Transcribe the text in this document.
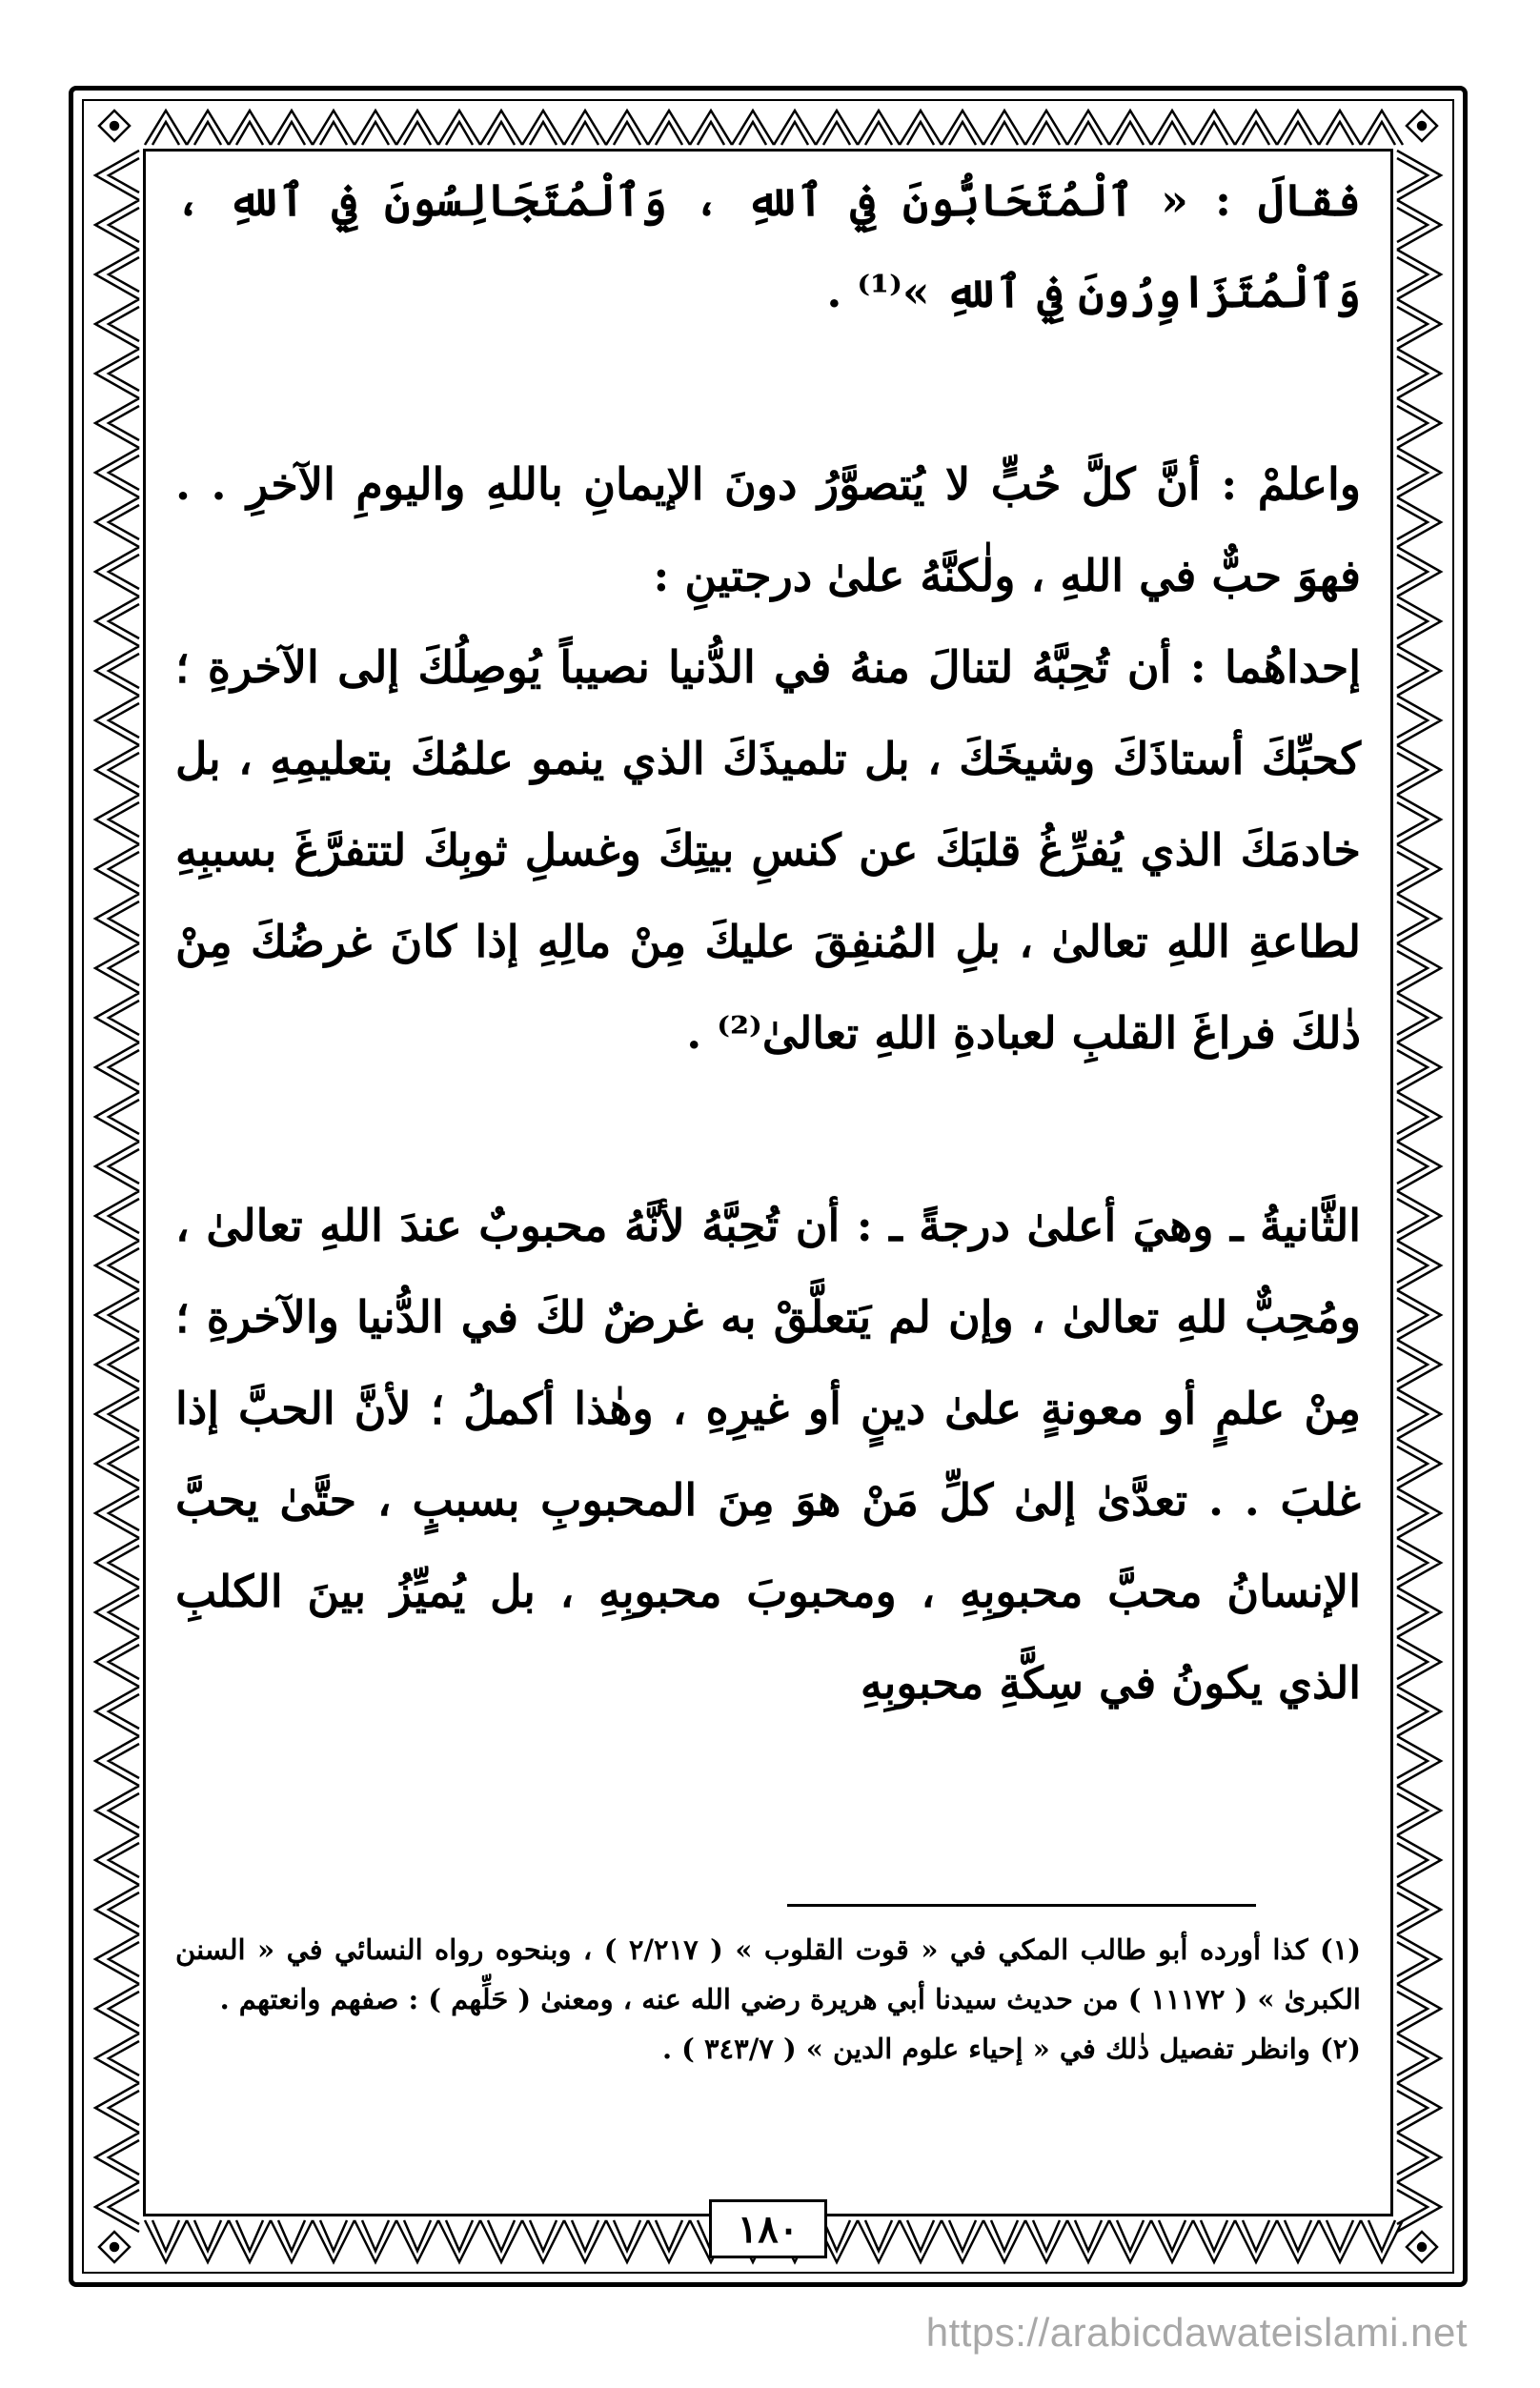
فقالَ : « ٱلْمُتَحَابُّونَ فِي ٱللهِ ، وَٱلْمُتَجَالِسُونَ فِي ٱللهِ ، وَٱلْمُتَزَاوِرُونَ فِي ٱللهِ »⁽¹⁾ .

واعلمْ : أنَّ كلَّ حُبٍّ لا يُتصوَّرُ دونَ الإيمانِ باللهِ واليومِ الآخرِ . . فهوَ حبٌّ في اللهِ ، ولٰكنَّهُ علىٰ درجتينِ :

إحداهُما : أن تُحِبَّهُ لتنالَ منهُ في الدُّنيا نصيباً يُوصِلُكَ إلى الآخرةِ ؛ كحبِّكَ أستاذَكَ وشيخَكَ ، بل تلميذَكَ الذي ينمو علمُكَ بتعليمِهِ ، بل خادمَكَ الذي يُفرِّغُ قلبَكَ عن كنسِ بيتِكَ وغسلِ ثوبِكَ لتتفرَّغَ بسببِهِ لطاعةِ اللهِ تعالىٰ ، بلِ المُنفِقَ عليكَ مِنْ مالِهِ إذا كانَ غرضُكَ مِنْ ذٰلكَ فراغَ القلبِ لعبادةِ اللهِ تعالىٰ⁽²⁾ .

الثَّانيةُ ـ وهيَ أعلىٰ درجةً ـ : أن تُحِبَّهُ لأنَّهُ محبوبٌ عندَ اللهِ تعالىٰ ، ومُحِبٌّ للهِ تعالىٰ ، وإن لم يَتعلَّقْ به غرضٌ لكَ في الدُّنيا والآخرةِ ؛ مِنْ علمٍ أو معونةٍ علىٰ دينٍ أو غيرِهِ ، وهٰذا أكملُ ؛ لأنَّ الحبَّ إذا غلبَ . . تعدَّىٰ إلىٰ كلِّ مَنْ هوَ مِنَ المحبوبِ بسببٍ ، حتَّىٰ يحبَّ الإنسانُ محبَّ محبوبِهِ ، ومحبوبَ محبوبِهِ ، بل يُميِّزُ بينَ الكلبِ الذي يكونُ في سِكَّةِ محبوبِهِ

(١) كذا أورده أبو طالب المكي في « قوت القلوب » ( ٢/٢١٧ ) ، وبنحوه رواه النسائي في « السنن الكبرىٰ » ( ١١١٧٢ ) من حديث سيدنا أبي هريرة رضي الله عنه ، ومعنىٰ ( حَلِّهم ) : صفهم وانعتهم .

(٢) وانظر تفصيل ذٰلك في « إحياء علوم الدين » ( ٣٤٣/٧ ) .

١٨٠
https://arabicdawateislami.net
